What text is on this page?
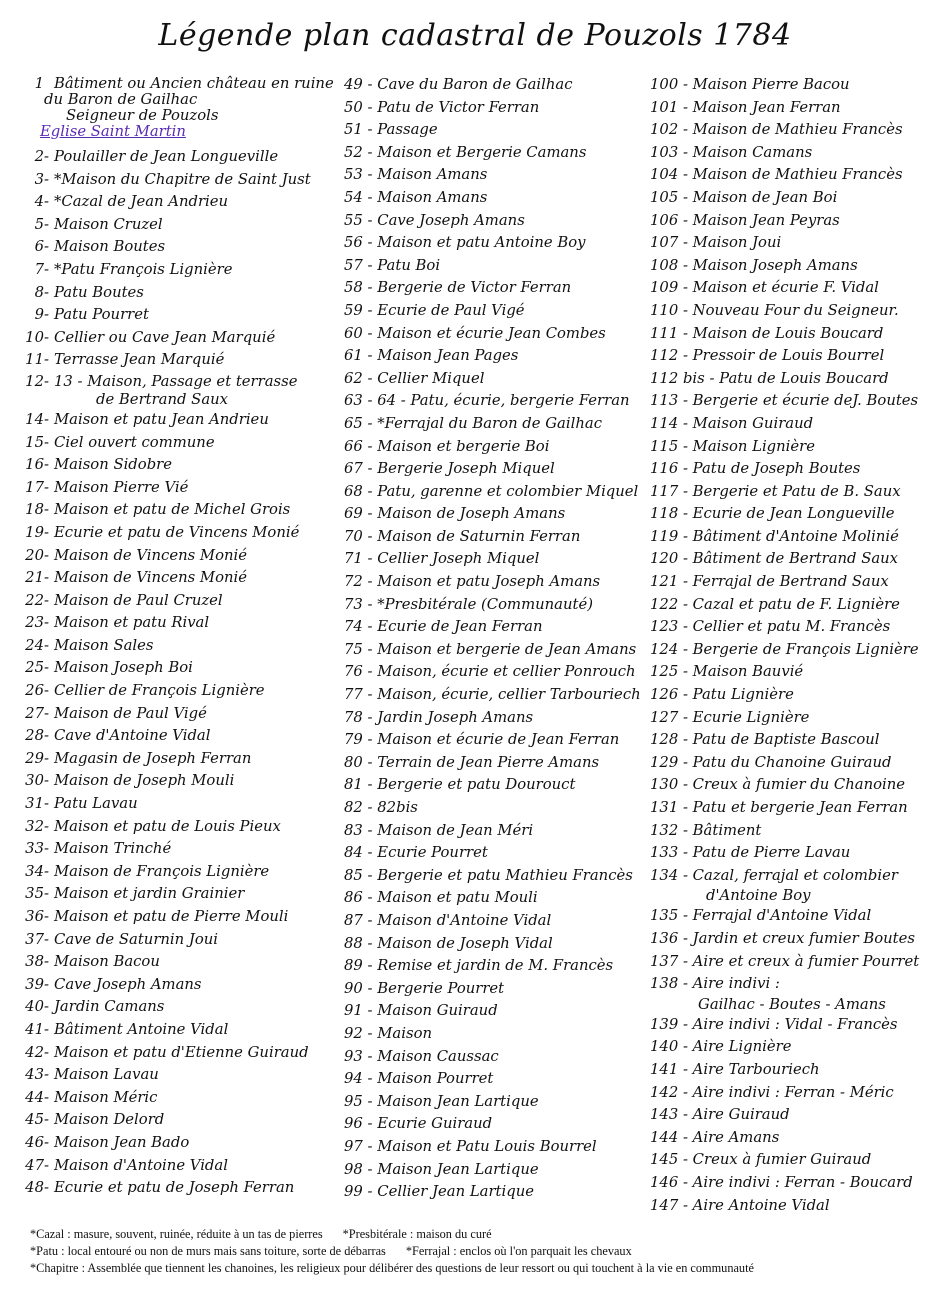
Légende plan cadastral de Pouzols 1784
1 Bâtiment ou Ancien château en ruine
du Baron de Gailhac
Seigneur de Pouzols
Eglise Saint Martin
2 - Poulailler de Jean Longueville
3 - *Maison du Chapitre de Saint Just
4 - *Cazal de Jean Andrieu
5 - Maison Cruzel
6 - Maison Boutes
7 - *Patu François Lignière
8 - Patu Boutes
9 - Patu Pourret
10 - Cellier ou Cave Jean Marquié
11 - Terrasse Jean Marquié
12 - 13 - Maison, Passage et terrasse
de Bertrand Saux
14 - Maison et patu Jean Andrieu
15 - Ciel ouvert commune
16 - Maison Sidobre
17 - Maison Pierre Vié
18 - Maison et patu de Michel Grois
19 - Ecurie et patu de Vincens Monié
20 - Maison de Vincens Monié
21 - Maison de Vincens Monié
22 - Maison de Paul Cruzel
23 - Maison et patu Rival
24 - Maison Sales
25 - Maison Joseph Boi
26 - Cellier de François Lignière
27 - Maison de Paul Vigé
28 - Cave d'Antoine Vidal
29 - Magasin de Joseph Ferran
30 - Maison de Joseph Mouli
31 - Patu Lavau
32 - Maison et patu de Louis Pieux
33 - Maison Trinché
34 - Maison de François Lignière
35 - Maison et jardin Grainier
36 - Maison et patu de Pierre Mouli
37 - Cave de Saturnin Joui
38 - Maison Bacou
39 - Cave Joseph Amans
40 - Jardin Camans
41 - Bâtiment Antoine Vidal
42 - Maison et patu d'Etienne Guiraud
43 - Maison Lavau
44 - Maison Méric
45 - Maison Delord
46 - Maison Jean Bado
47 - Maison d'Antoine Vidal
48 - Ecurie et patu de Joseph Ferran
49 - Cave du Baron de Gailhac
50 - Patu de Victor Ferran
51 - Passage
52 - Maison et Bergerie Camans
53 - Maison Amans
54 - Maison Amans
55 - Cave Joseph Amans
56 - Maison et patu Antoine Boy
57 - Patu Boi
58 - Bergerie de Victor Ferran
59 - Ecurie de Paul Vigé
60 - Maison et écurie Jean Combes
61 - Maison Jean Pages
62 - Cellier Miquel
63 - 64 - Patu, écurie, bergerie Ferran
65 - *Ferrajal du Baron de Gailhac
66 - Maison et bergerie Boi
67 - Bergerie Joseph Miquel
68 - Patu, garenne et colombier Miquel
69 - Maison de Joseph Amans
70 - Maison de Saturnin Ferran
71 - Cellier Joseph Miquel
72 - Maison et patu Joseph Amans
73 - *Presbitérale (Communauté)
74 - Ecurie de Jean Ferran
75 - Maison et bergerie de Jean Amans
76 - Maison, écurie et cellier Ponrouch
77 - Maison, écurie, cellier Tarbouriech
78 - Jardin Joseph Amans
79 - Maison et écurie de Jean Ferran
80 - Terrain de Jean Pierre Amans
81 - Bergerie et patu Dourouct
82 - 82bis
83 - Maison de Jean Méri
84 - Ecurie Pourret
85 - Bergerie et patu Mathieu Francès
86 - Maison et patu Mouli
87 - Maison d'Antoine Vidal
88 - Maison de Joseph Vidal
89 - Remise et jardin de M. Francès
90 - Bergerie Pourret
91 - Maison Guiraud
92 - Maison
93 - Maison Caussac
94 - Maison Pourret
95 - Maison Jean Lartique
96 - Ecurie Guiraud
97 - Maison et Patu Louis Bourrel
98 - Maison Jean Lartique
99 - Cellier Jean Lartique
100 - Maison Pierre Bacou
101 - Maison Jean Ferran
102 - Maison de Mathieu Francès
103 - Maison Camans
104 - Maison de Mathieu Francès
105 - Maison de Jean Boi
106 - Maison Jean Peyras
107 - Maison Joui
108 - Maison Joseph Amans
109 - Maison et écurie F. Vidal
110 - Nouveau Four du Seigneur.
111 - Maison de Louis Boucard
112 - Pressoir de Louis Bourrel
112 bis - Patu de Louis Boucard
113 - Bergerie et écurie deJ. Boutes
114 - Maison Guiraud
115 - Maison Lignière
116 - Patu de Joseph Boutes
117 - Bergerie et Patu de B. Saux
118 - Ecurie de Jean Longueville
119 - Bâtiment d'Antoine Molinié
120 - Bâtiment de Bertrand Saux
121 - Ferrajal de Bertrand Saux
122 - Cazal et patu de F. Lignière
123 - Cellier et patu M. Francès
124 - Bergerie de François Lignière
125 - Maison Bauvié
126 - Patu Lignière
127 - Ecurie Lignière
128 - Patu de Baptiste Bascoul
129 - Patu du Chanoine Guiraud
130 - Creux à fumier du Chanoine
131 - Patu et bergerie Jean Ferran
132 - Bâtiment
133 - Patu de Pierre Lavau
134 - Cazal, ferrajal et colombier
d'Antoine Boy
135 - Ferrajal d'Antoine Vidal
136 - Jardin et creux fumier Boutes
137 - Aire et creux à fumier Pourret
138 - Aire indivi :
Gailhac - Boutes - Amans
139 - Aire indivi : Vidal - Francès
140 - Aire Lignière
141 - Aire Tarbouriech
142 - Aire indivi : Ferran - Méric
143 - Aire Guiraud
144 - Aire Amans
145 - Creux à fumier Guiraud
146 - Aire indivi : Ferran - Boucard
147 - Aire Antoine Vidal
*Cazal : masure, souvent, ruinée, réduite à un tas de pierres *Presbitérale : maison du curé
*Patu : local entouré ou non de murs mais sans toiture, sorte de débarras *Ferrajal : enclos où l'on parquait les chevaux
*Chapitre : Assemblée que tiennent les chanoines, les religieux pour délibérer des questions de leur ressort ou qui touchent à la vie en communauté
